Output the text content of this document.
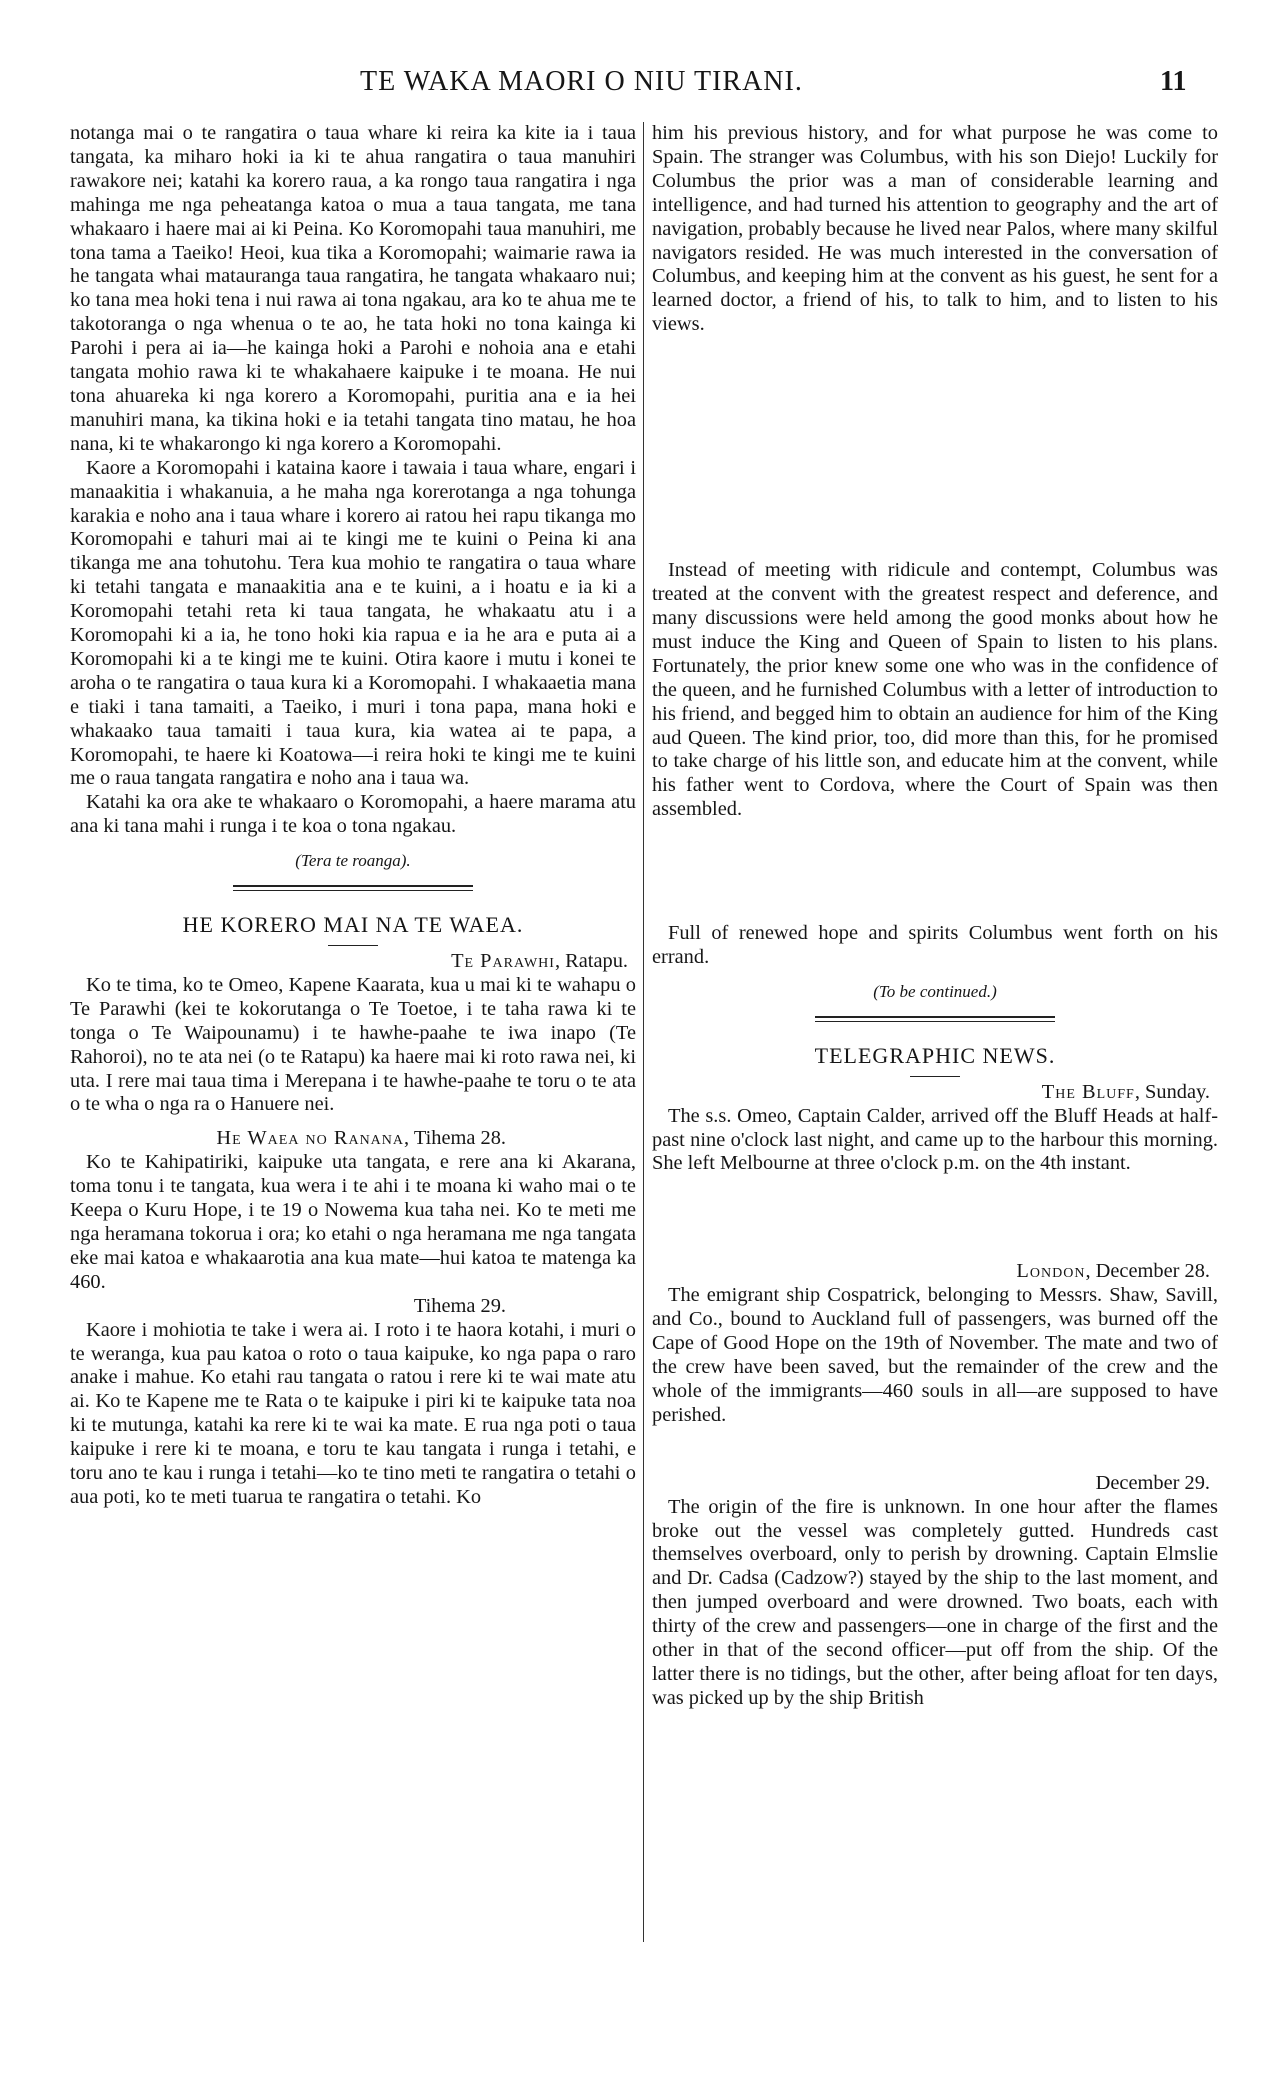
TE WAKA MAORI O NIU TIRANI.	11

notanga mai o te rangatira o taua whare ki reira ka kite ia i taua tangata, ka miharo hoki ia ki te ahua rangatira o taua manuhiri rawakore nei; katahi ka korero raua, a ka rongo taua rangatira i nga mahinga me nga peheatanga katoa o mua a taua tangata, me tana whakaaro i haere mai ai ki Peina. Ko Koromopahi taua manuhiri, me tona tama a Taeiko! Heoi, kua tika a Koromopahi; waimarie rawa ia he tangata whai matauranga taua rangatira, he tangata whakaaro nui; ko tana mea hoki tena i nui rawa ai tona ngakau, ara ko te ahua me te takotoranga o nga whenua o te ao, he tata hoki no tona kainga ki Parohi i pera ai ia—he kainga hoki a Parohi e nohoia ana e etahi tangata mohio rawa ki te whakahaere kaipuke i te moana. He nui tona ahuareka ki nga korero a Koromopahi, puritia ana e ia hei manuhiri mana, ka tikina hoki e ia tetahi tangata tino matau, he hoa nana, ki te whakarongo ki nga korero a Koromopahi.

Kaore a Koromopahi i kataina kaore i tawaia i taua whare, engari i manaakitia i whakanuia, a he maha nga korerotanga a nga tohunga karakia e noho ana i taua whare i korero ai ratou hei rapu tikanga mo Koromopahi e tahuri mai ai te kingi me te kuini o Peina ki ana tikanga me ana tohutohu. Tera kua mohio te rangatira o taua whare ki tetahi tangata e manaakitia ana e te kuini, a i hoatu e ia ki a Koromopahi tetahi reta ki taua tangata, he whakaatu atu i a Koromopahi ki a ia, he tono hoki kia rapua e ia he ara e puta ai a Koromopahi ki a te kingi me te kuini. Otira kaore i mutu i konei te aroha o te rangatira o taua kura ki a Koromopahi. I whakaaetia mana e tiaki i tana tamaiti, a Taeiko, i muri i tona papa, mana hoki e whakaako taua tamaiti i taua kura, kia watea ai te papa, a Koromopahi, te haere ki Koatowa—i reira hoki te kingi me te kuini me o raua tangata rangatira e noho ana i taua wa.

Katahi ka ora ake te whakaaro o Koromopahi, a haere marama atu ana ki tana mahi i runga i te koa o tona ngakau.

(Tera te roanga).
HE KORERO MAI NA TE WAEA.
Te Parawhi, Ratapu.

Ko te tima, ko te Omeo, Kapene Kaarata, kua u mai ki te wahapu o Te Parawhi (kei te kokorutanga o Te Toetoe, i te taha rawa ki te tonga o Te Waipounamu) i te hawhe-paahe te iwa inapo (Te Rahoroi), no te ata nei (o te Ratapu) ka haere mai ki roto rawa nei, ki uta. I rere mai taua tima i Merepana i te hawhe-paahe te toru o te ata o te wha o nga ra o Hanuere nei.

He Waea no Ranana, Tihema 28.

Ko te Kahipatiriki, kaipuke uta tangata, e rere ana ki Akarana, toma tonu i te tangata, kua wera i te ahi i te moana ki waho mai o te Keepa o Kuru Hope, i te 19 o Nowema kua taha nei. Ko te meti me nga heramana tokorua i ora; ko etahi o nga heramana me nga tangata eke mai katoa e whakaarotia ana kua mate—hui katoa te matenga ka 460.

Tihema 29.

Kaore i mohiotia te take i wera ai. I roto i te haora kotahi, i muri o te weranga, kua pau katoa o roto o taua kaipuke, ko nga papa o raro anake i mahue. Ko etahi rau tangata o ratou i rere ki te wai mate atu ai. Ko te Kapene me te Rata o te kaipuke i piri ki te kaipuke tata noa ki te mutunga, katahi ka rere ki te wai ka mate. E rua nga poti o taua kaipuke i rere ki te moana, e toru te kau tangata i runga i tetahi, e toru ano te kau i runga i tetahi—ko te tino meti te rangatira o tetahi o aua poti, ko te meti tuarua te rangatira o tetahi. Ko

him his previous history, and for what purpose he was come to Spain. The stranger was Columbus, with his son Diejo! Luckily for Columbus the prior was a man of considerable learning and intelligence, and had turned his attention to geography and the art of navigation, probably because he lived near Palos, where many skilful navigators resided. He was much interested in the conversation of Columbus, and keeping him at the convent as his guest, he sent for a learned doctor, a friend of his, to talk to him, and to listen to his views.

Instead of meeting with ridicule and contempt, Columbus was treated at the convent with the greatest respect and deference, and many discussions were held among the good monks about how he must induce the King and Queen of Spain to listen to his plans. Fortunately, the prior knew some one who was in the confidence of the queen, and he furnished Columbus with a letter of introduction to his friend, and begged him to obtain an audience for him of the King aud Queen. The kind prior, too, did more than this, for he promised to take charge of his little son, and educate him at the convent, while his father went to Cordova, where the Court of Spain was then assembled.

Full of renewed hope and spirits Columbus went forth on his errand.

(To be continued.)
TELEGRAPHIC NEWS.
The Bluff, Sunday.

The s.s. Omeo, Captain Calder, arrived off the Bluff Heads at half-past nine o'clock last night, and came up to the harbour this morning. She left Melbourne at three o'clock p.m. on the 4th instant.

London, December 28.

The emigrant ship Cospatrick, belonging to Messrs. Shaw, Savill, and Co., bound to Auckland full of passengers, was burned off the Cape of Good Hope on the 19th of November. The mate and two of the crew have been saved, but the remainder of the crew and the whole of the immigrants—460 souls in all—are supposed to have perished.

December 29.

The origin of the fire is unknown. In one hour after the flames broke out the vessel was completely gutted. Hundreds cast themselves overboard, only to perish by drowning. Captain Elmslie and Dr. Cadsa (Cadzow?) stayed by the ship to the last moment, and then jumped overboard and were drowned. Two boats, each with thirty of the crew and passengers—one in charge of the first and the other in that of the second officer—put off from the ship. Of the latter there is no tidings, but the other, after being afloat for ten days, was picked up by the ship British
